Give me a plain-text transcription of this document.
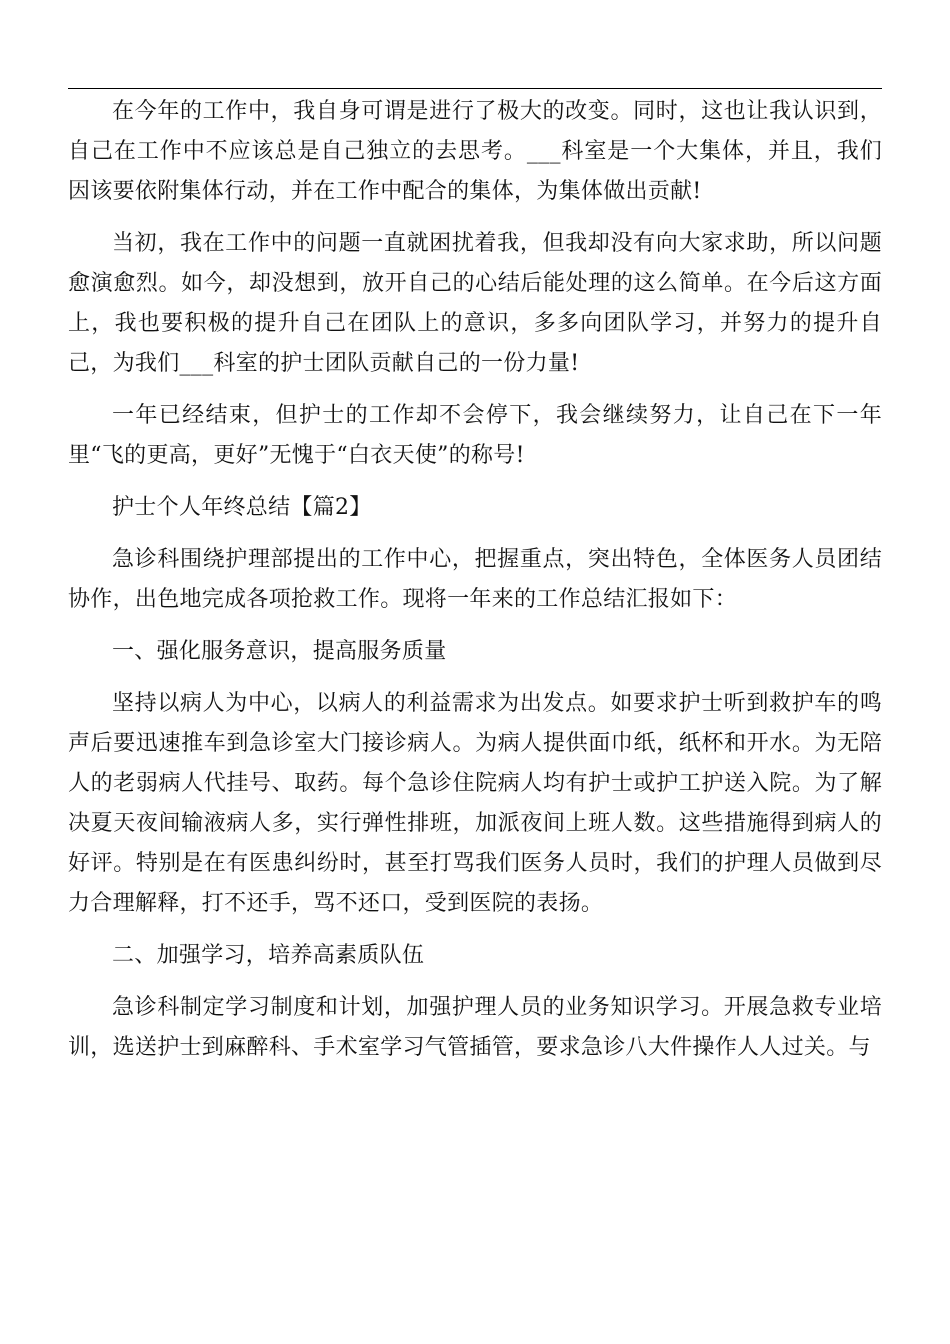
在今年的工作中，我自身可谓是进行了极大的改变。同时，这也让我认识到，自己在工作中不应该总是自己独立的去思考。___科室是一个大集体，并且，我们因该要依附集体行动，并在工作中配合的集体，为集体做出贡献!

当初，我在工作中的问题一直就困扰着我，但我却没有向大家求助，所以问题愈演愈烈。如今，却没想到，放开自己的心结后能处理的这么简单。在今后这方面上，我也要积极的提升自己在团队上的意识，多多向团队学习，并努力的提升自己，为我们___科室的护士团队贡献自己的一份力量!

一年已经结束，但护士的工作却不会停下，我会继续努力，让自己在下一年里“飞的更高，更好”无愧于“白衣天使”的称号!

护士个人年终总结【篇2】

急诊科围绕护理部提出的工作中心，把握重点，突出特色，全体医务人员团结协作，出色地完成各项抢救工作。现将一年来的工作总结汇报如下：

一、强化服务意识，提高服务质量

坚持以病人为中心，以病人的利益需求为出发点。如要求护士听到救护车的鸣声后要迅速推车到急诊室大门接诊病人。为病人提供面巾纸，纸杯和开水。为无陪人的老弱病人代挂号、取药。每个急诊住院病人均有护士或护工护送入院。为了解决夏天夜间输液病人多，实行弹性排班，加派夜间上班人数。这些措施得到病人的好评。特别是在有医患纠纷时，甚至打骂我们医务人员时，我们的护理人员做到尽力合理解释，打不还手，骂不还口，受到医院的表扬。

二、加强学习，培养高素质队伍

急诊科制定学习制度和计划，加强护理人员的业务知识学习。开展急救专业培训，选送护士到麻醉科、手术室学习气管插管，要求急诊八大件操作人人过关。与
